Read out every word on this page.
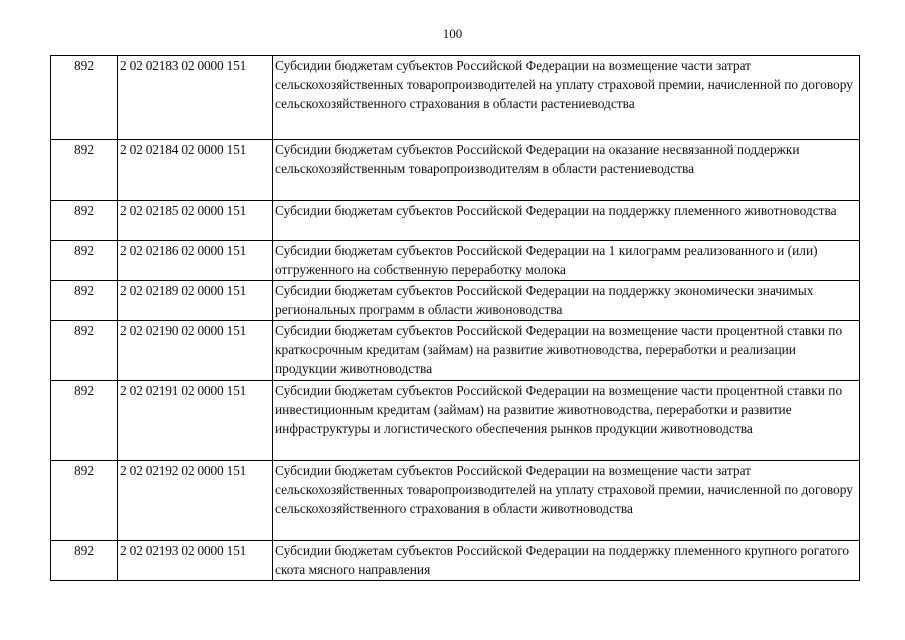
100
892	2 02 02183 02 0000 151	Субсидии бюджетам субъектов Российской Федерации на возмещение части затрат сельскохозяйственных товаропроизводителей на уплату страховой премии, начисленной по договору сельскохозяйственного страхования в области растениеводства
892	2 02 02184 02 0000 151	Субсидии бюджетам субъектов Российской Федерации на оказание несвязанной поддержки сельскохозяйственным товаропроизводителям в области растениеводства
892	2 02 02185 02 0000 151	Субсидии бюджетам субъектов Российской Федерации на поддержку племенного животноводства
892	2 02 02186 02 0000 151	Субсидии бюджетам субъектов Российской Федерации на 1 килограмм реализованного и (или) отгруженного на собственную переработку молока
892	2 02 02189 02 0000 151	Субсидии бюджетам субъектов Российской Федерации на поддержку экономически значимых региональных программ в области живоноводства
892	2 02 02190 02 0000 151	Субсидии бюджетам субъектов Российской Федерации на возмещение части процентной ставки по краткосрочным кредитам (займам) на развитие животноводства, переработки и реализации продукции животноводства
892	2 02 02191 02 0000 151	Субсидии бюджетам субъектов Российской Федерации на возмещение части процентной ставки по инвестиционным кредитам (займам) на развитие животноводства, переработки и развитие инфраструктуры и логистического обеспечения рынков продукции животноводства
892	2 02 02192 02 0000 151	Субсидии бюджетам субъектов Российской Федерации на возмещение части затрат сельскохозяйственных товаропроизводителей на уплату страховой премии, начисленной по договору сельскохозяйственного страхования в области животноводства
892	2 02 02193 02 0000 151	Субсидии бюджетам субъектов Российской Федерации на поддержку племенного крупного рогатого скота мясного направления
